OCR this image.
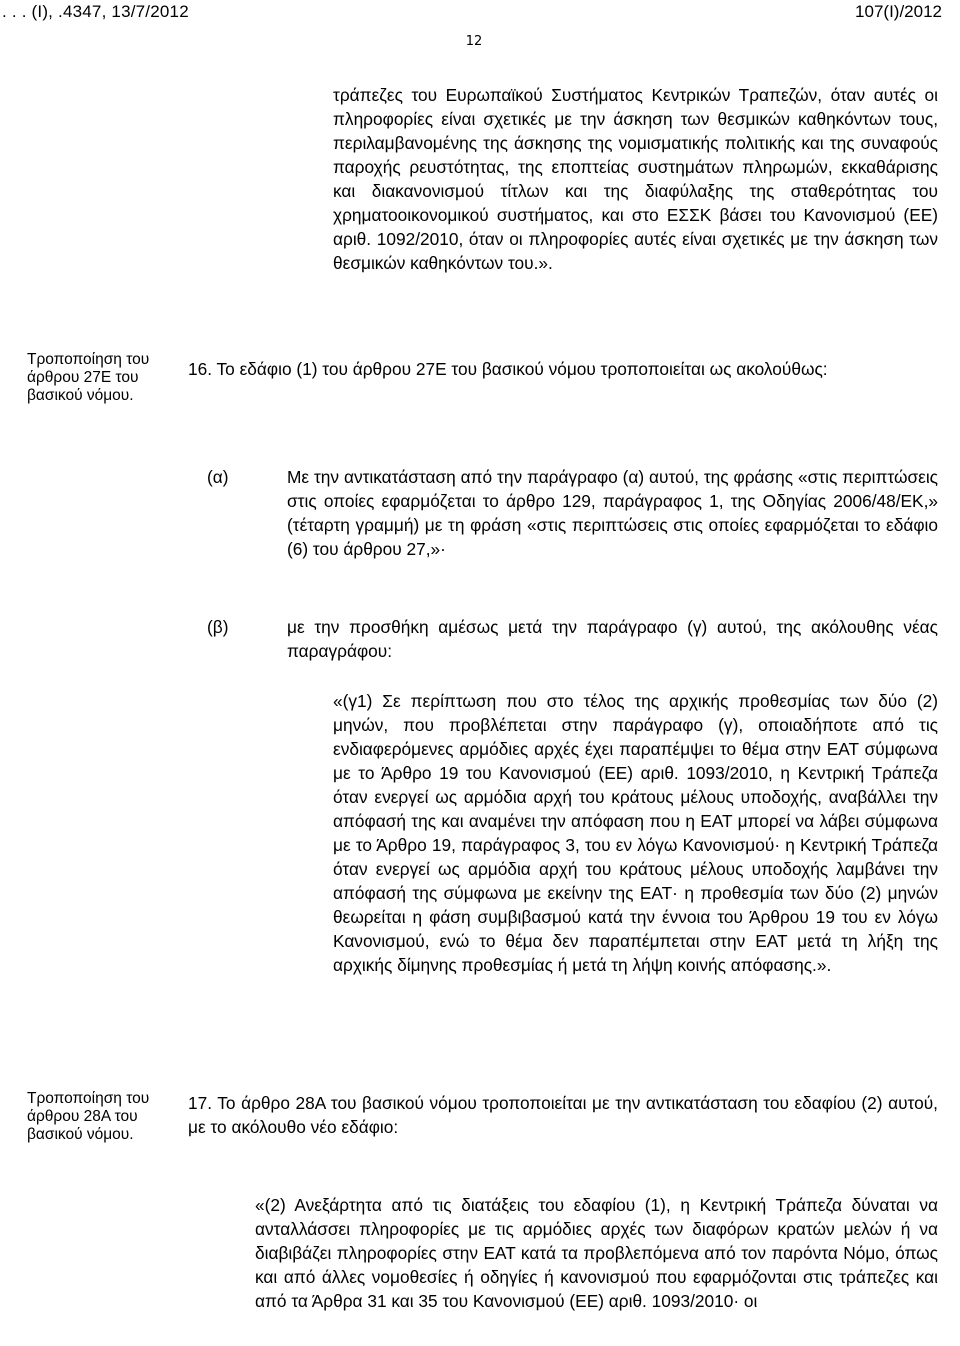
. . . (Ι), .4347, 13/7/2012	107(Ι)/2012
12

τράπεζες του Ευρωπαϊκού Συστήματος Κεντρικών Τραπεζών, όταν αυτές οι πληροφορίες είναι σχετικές με την άσκηση των θεσμικών καθηκόντων τους, περιλαμβανομένης της άσκησης της νομισματικής πολιτικής και της συναφούς παροχής ρευστότητας, της εποπτείας συστημάτων πληρωμών, εκκαθάρισης και διακανονισμού τίτλων και της διαφύλαξης της σταθερότητας του χρηματοοικονομικού συστήματος, και στο ΕΣΣΚ βάσει του Κανονισμού (ΕΕ) αριθ. 1092/2010, όταν οι πληροφορίες αυτές είναι σχετικές με την άσκηση των θεσμικών καθηκόντων του.».

Τροποποίηση του άρθρου 27Ε του βασικού νόμου.

16. Το εδάφιο (1) του άρθρου 27Ε του βασικού νόμου τροποποιείται ως ακολούθως:

(α)	Με την αντικατάσταση από την παράγραφο (α) αυτού, της φράσης «στις περιπτώσεις στις οποίες εφαρμόζεται το άρθρο 129, παράγραφος 1, της Οδηγίας 2006/48/ΕΚ,» (τέταρτη γραμμή) με τη φράση «στις περιπτώσεις στις οποίες εφαρμόζεται το εδάφιο (6) του άρθρου 27,»·

(β)	με την προσθήκη αμέσως μετά την παράγραφο (γ) αυτού, της ακόλουθης νέας παραγράφου:

«(γ1) Σε περίπτωση που στο τέλος της αρχικής προθεσμίας των δύο (2) μηνών, που προβλέπεται στην παράγραφο (γ), οποιαδήποτε από τις ενδιαφερόμενες αρμόδιες αρχές έχει παραπέμψει το θέμα στην ΕΑΤ σύμφωνα με το Άρθρο 19 του Κανονισμού (ΕΕ) αριθ. 1093/2010, η Κεντρική Τράπεζα όταν ενεργεί ως αρμόδια αρχή του κράτους μέλους υποδοχής, αναβάλλει την απόφασή της και αναμένει την απόφαση που η ΕΑΤ μπορεί να λάβει σύμφωνα με το Άρθρο 19, παράγραφος 3, του εν λόγω Κανονισμού· η Κεντρική Τράπεζα όταν ενεργεί ως αρμόδια αρχή του κράτους μέλους υποδοχής λαμβάνει την απόφασή της σύμφωνα με εκείνην της ΕΑΤ· η προθεσμία των δύο (2) μηνών θεωρείται η φάση συμβιβασμού κατά την έννοια του Άρθρου 19 του εν λόγω Κανονισμού, ενώ το θέμα δεν παραπέμπεται στην ΕΑΤ μετά τη λήξη της αρχικής δίμηνης προθεσμίας ή μετά τη λήψη κοινής απόφασης.».

Τροποποίηση του άρθρου 28Α του βασικού νόμου.

17. Το άρθρο 28Α του βασικού νόμου τροποποιείται με την αντικατάσταση του εδαφίου (2) αυτού, με το ακόλουθο νέο εδάφιο:

«(2) Ανεξάρτητα από τις διατάξεις του εδαφίου (1), η Κεντρική Τράπεζα δύναται να ανταλλάσσει πληροφορίες με τις αρμόδιες αρχές των διαφόρων κρατών μελών ή να διαβιβάζει πληροφορίες στην ΕΑΤ κατά τα προβλεπόμενα από τον παρόντα Νόμο, όπως και από άλλες νομοθεσίες ή οδηγίες ή κανονισμού που εφαρμόζονται στις τράπεζες και από τα Άρθρα 31 και 35 του Κανονισμού (ΕΕ) αριθ. 1093/2010· οι
